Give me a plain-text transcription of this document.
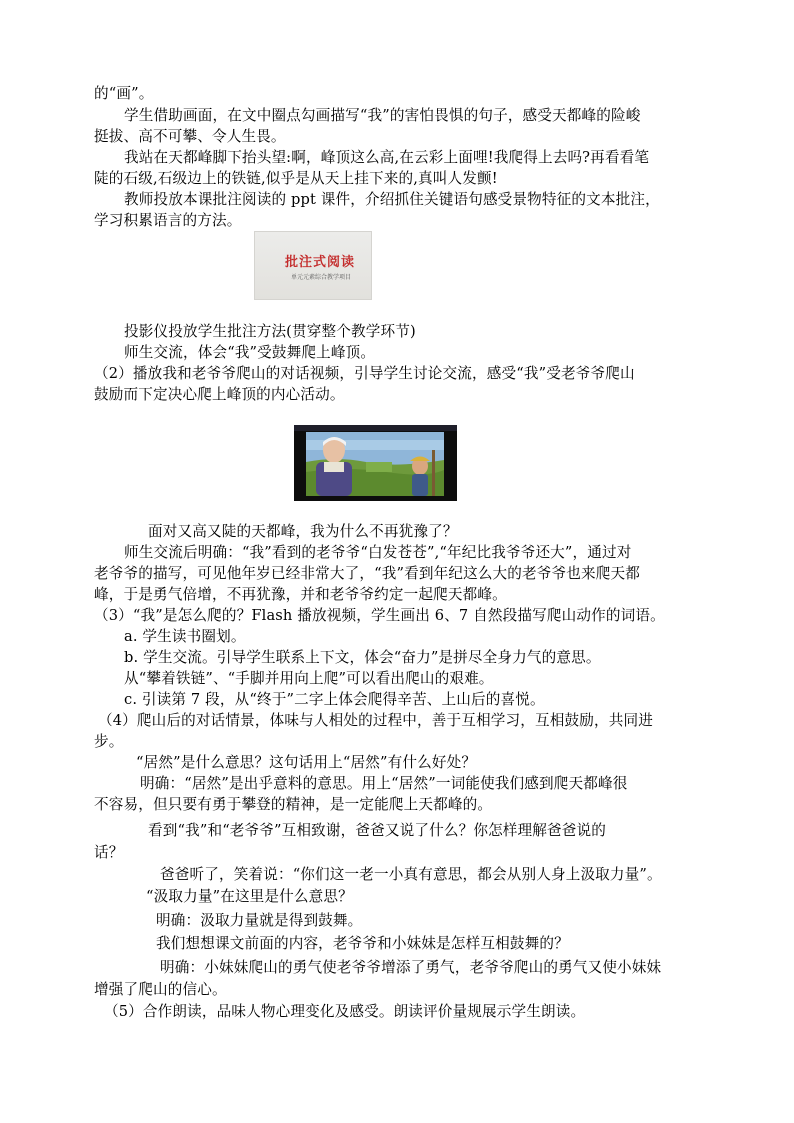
的“画”。
学生借助画面，在文中圈点勾画描写“我”的害怕畏惧的句子，感受天都峰的险峻
挺拔、高不可攀、令人生畏。
我站在天都峰脚下抬头望:啊，峰顶这么高,在云彩上面哩!我爬得上去吗?再看看笔
陡的石级,石级边上的铁链,似乎是从天上挂下来的,真叫人发颤!
教师投放本课批注阅读的 ppt 课件，介绍抓住关键语句感受景物特征的文本批注，
学习积累语言的方法。
批注式阅读
单元元素综合教学项目
投影仪投放学生批注方法(贯穿整个教学环节)
师生交流，体会“我”受鼓舞爬上峰顶。
（2）播放我和老爷爷爬山的对话视频，引导学生讨论交流，感受“我”受老爷爷爬山
鼓励而下定决心爬上峰顶的内心活动。
面对又高又陡的天都峰，我为什么不再犹豫了？
师生交流后明确：“我”看到的老爷爷“白发苍苍”,“年纪比我爷爷还大”，通过对
老爷爷的描写，可见他年岁已经非常大了，“我”看到年纪这么大的老爷爷也来爬天都
峰，于是勇气倍增，不再犹豫，并和老爷爷约定一起爬天都峰。
（3）“我”是怎么爬的？Flash 播放视频，学生画出 6、7 自然段描写爬山动作的词语。
a. 学生读书圈划。
b. 学生交流。引导学生联系上下文，体会“奋力”是拼尽全身力气的意思。
从“攀着铁链”、“手脚并用向上爬”可以看出爬山的艰难。
c. 引读第 7 段，从“终于”二字上体会爬得辛苦、上山后的喜悦。
（4）爬山后的对话情景，体味与人相处的过程中，善于互相学习，互相鼓励，共同进
步。
“居然”是什么意思？这句话用上“居然”有什么好处？
明确：“居然”是出乎意料的意思。用上“居然”一词能使我们感到爬天都峰很
不容易，但只要有勇于攀登的精神，是一定能爬上天都峰的。
看到“我”和“老爷爷”互相致谢，爸爸又说了什么？你怎样理解爸爸说的
话？
爸爸听了，笑着说：“你们这一老一小真有意思，都会从别人身上汲取力量”。
“汲取力量”在这里是什么意思？
明确：汲取力量就是得到鼓舞。
我们想想课文前面的内容，老爷爷和小妹妹是怎样互相鼓舞的？
明确：小妹妹爬山的勇气使老爷爷增添了勇气，老爷爷爬山的勇气又使小妹妹
增强了爬山的信心。
（5）合作朗读，品味人物心理变化及感受。朗读评价量规展示学生朗读。
